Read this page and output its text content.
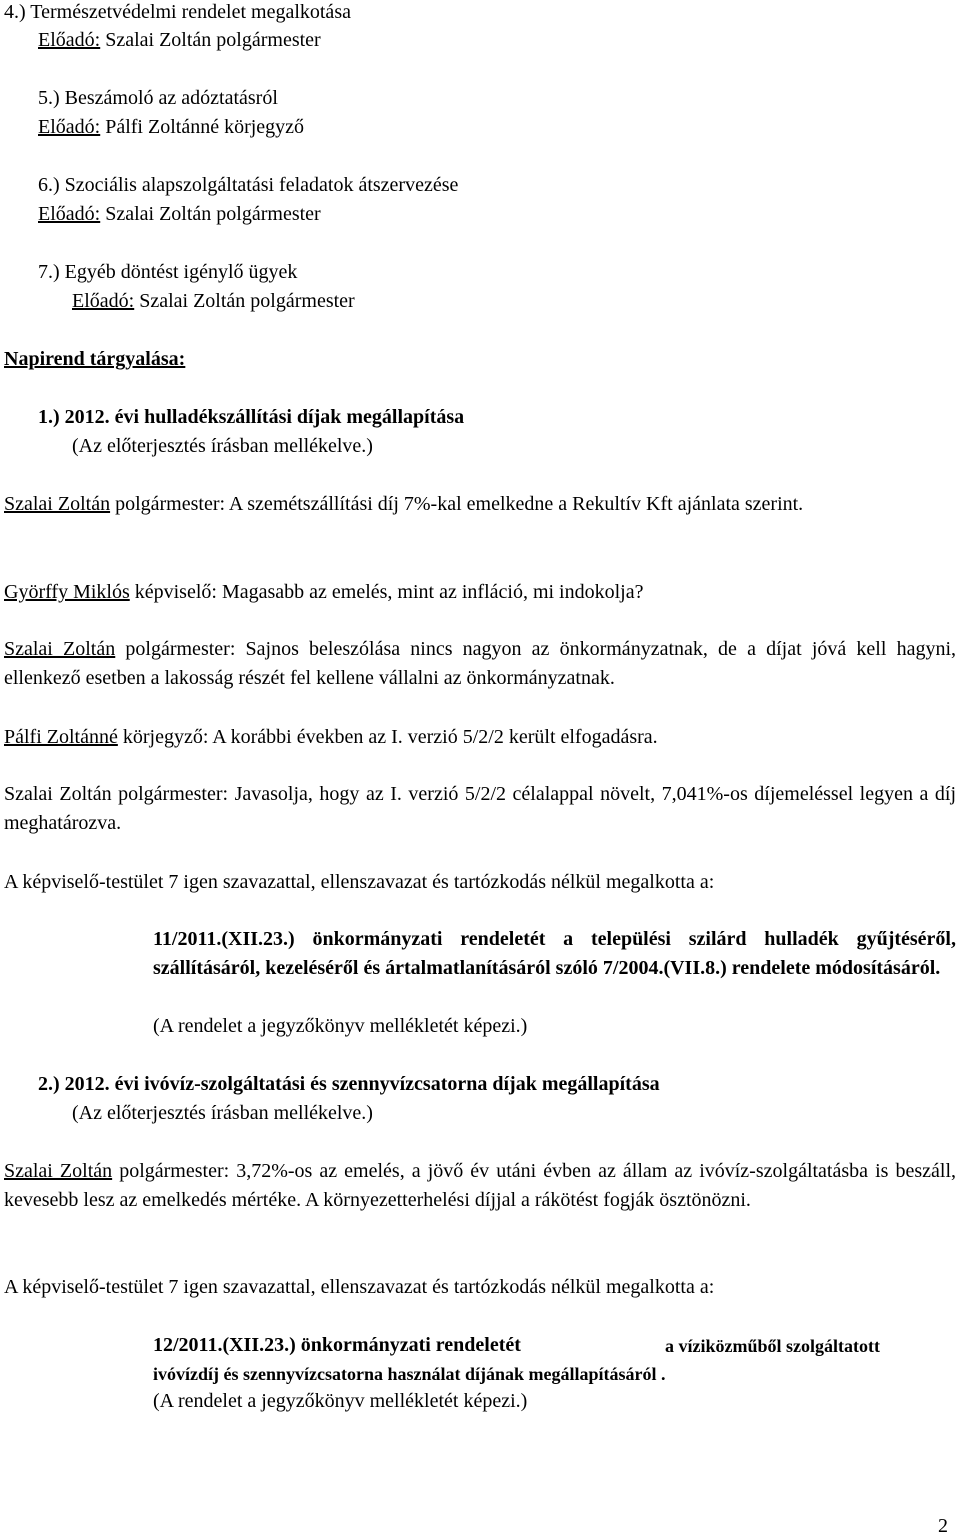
4.) Természetvédelmi rendelet megalkotása
Előadó: Szalai Zoltán polgármester
5.) Beszámoló az adóztatásról
Előadó: Pálfi Zoltánné körjegyző
6.) Szociális alapszolgáltatási feladatok átszervezése
Előadó: Szalai Zoltán polgármester
7.) Egyéb döntést igénylő ügyek
Előadó: Szalai Zoltán polgármester
Napirend tárgyalása:
1.) 2012. évi hulladékszállítási díjak megállapítása
(Az előterjesztés írásban mellékelve.)
Szalai Zoltán polgármester: A szemétszállítási díj 7%-kal emelkedne a Rekultív Kft ajánlata szerint.
Györffy Miklós képviselő: Magasabb az emelés, mint az infláció, mi indokolja?
Szalai Zoltán polgármester: Sajnos beleszólása nincs nagyon az önkormányzatnak, de a díjat jóvá kell hagyni, ellenkező esetben a lakosság részét fel kellene vállalni az önkormányzatnak.
Pálfi Zoltánné körjegyző: A korábbi években az I. verzió 5/2/2 került elfogadásra.
Szalai Zoltán polgármester: Javasolja, hogy az I. verzió 5/2/2 célalappal növelt, 7,041%-os díjemeléssel legyen a díj meghatározva.
A képviselő-testület 7 igen szavazattal, ellenszavazat és tartózkodás nélkül megalkotta a:
11/2011.(XII.23.) önkormányzati rendeletét a települési szilárd hulladék gyűjtéséről, szállításáról, kezeléséről és ártalmatlanításáról szóló 7/2004.(VII.8.) rendelete módosításáról.
(A rendelet a jegyzőkönyv mellékletét képezi.)
2.) 2012. évi ivóvíz-szolgáltatási és szennyvízcsatorna díjak megállapítása
(Az előterjesztés írásban mellékelve.)
Szalai Zoltán polgármester: 3,72%-os az emelés, a jövő év utáni évben az állam az ivóvíz-szolgáltatásba is beszáll, kevesebb lesz az emelkedés mértéke. A környezetterhelési díjjal a rákötést fogják ösztönözni.
A képviselő-testület 7 igen szavazattal, ellenszavazat és tartózkodás nélkül megalkotta a:
12/2011.(XII.23.) önkormányzati rendeletét	a víziközműből szolgáltatott
ivóvízdíj és szennyvízcsatorna használat díjának megállapításáról .
(A rendelet a jegyzőkönyv mellékletét képezi.)
2
